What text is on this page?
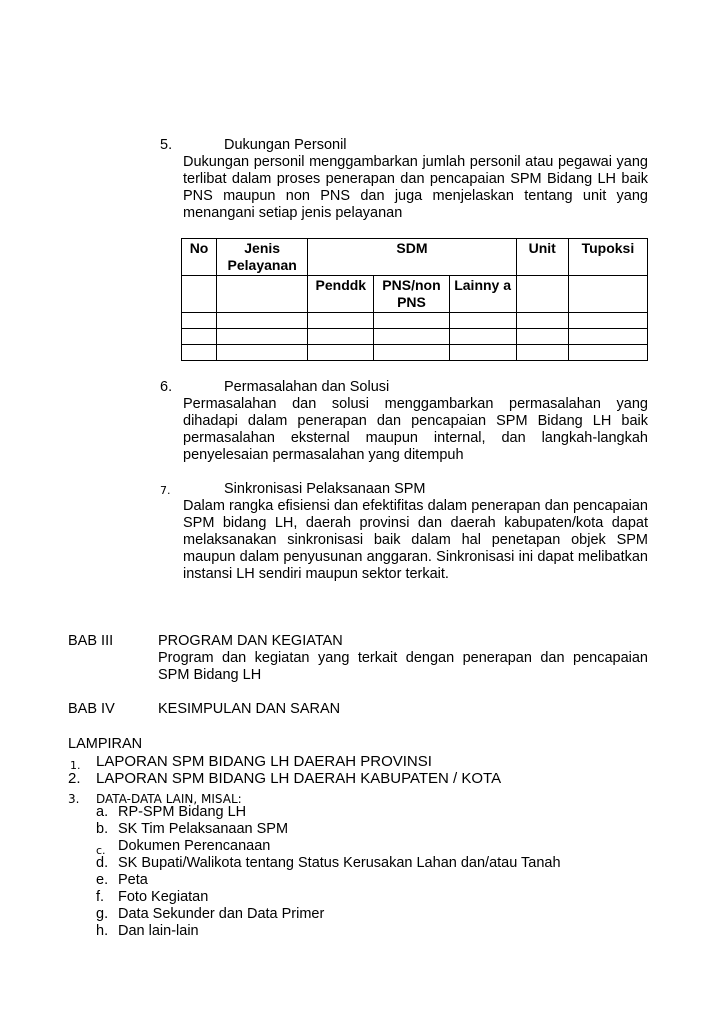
5.	Dukungan Personil
Dukungan personil menggambarkan jumlah personil atau pegawai yang terlibat dalam proses penerapan dan pencapaian SPM Bidang LH baik PNS maupun non PNS dan juga menjelaskan tentang unit yang menangani setiap jenis pelayanan
No	Jenis Pelayanan	SDM			Unit	Tupoksi
		Penddk	PNS/non PNS	Lainny a		

6.	Permasalahan dan Solusi
Permasalahan dan solusi menggambarkan permasalahan yang dihadapi dalam penerapan dan pencapaian SPM Bidang LH baik permasalahan eksternal maupun internal, dan langkah-langkah penyelesaian permasalahan yang ditempuh
7.	Sinkronisasi Pelaksanaan SPM
Dalam rangka efisiensi dan efektifitas dalam penerapan dan pencapaian SPM bidang LH, daerah provinsi dan daerah kabupaten/kota dapat melaksanakan sinkronisasi baik dalam hal penetapan objek SPM maupun dalam penyusunan anggaran. Sinkronisasi ini dapat melibatkan instansi LH sendiri maupun sektor terkait.
BAB III	PROGRAM DAN KEGIATAN
Program dan kegiatan yang terkait dengan penerapan dan pencapaian SPM Bidang LH
BAB IV	KESIMPULAN DAN SARAN
LAMPIRAN
1. LAPORAN SPM BIDANG LH DAERAH PROVINSI
2. LAPORAN SPM BIDANG LH DAERAH KABUPATEN / KOTA
3. DATA-DATA LAIN, MISAL:
a. RP-SPM Bidang LH
b. SK Tim Pelaksanaan SPM
c. Dokumen Perencanaan
d. SK Bupati/Walikota tentang Status Kerusakan Lahan dan/atau Tanah
e. Peta
f. Foto Kegiatan
g. Data Sekunder dan Data Primer
h. Dan lain-lain
